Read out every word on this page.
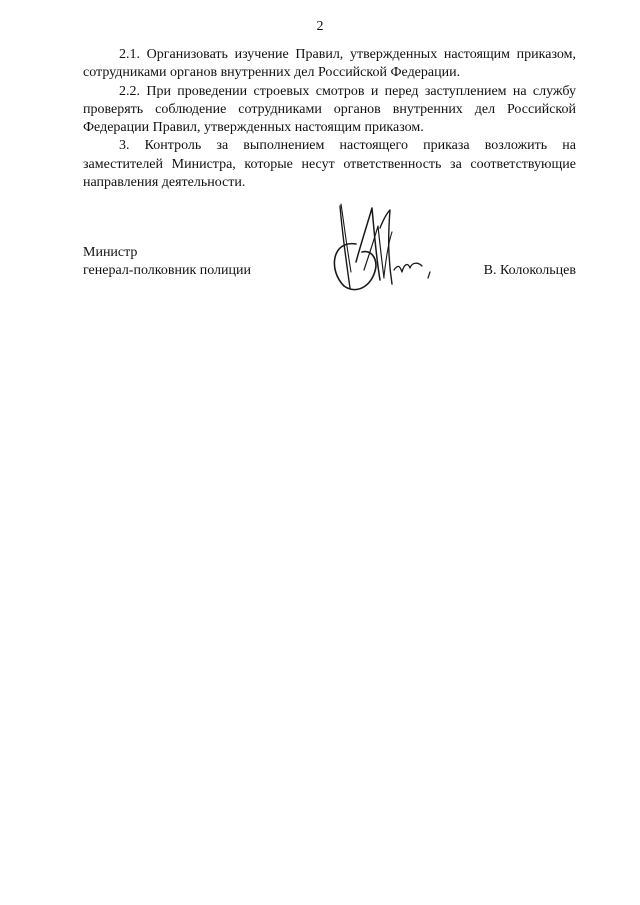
2

2.1. Организовать изучение Правил, утвержденных настоящим приказом, сотрудниками органов внутренних дел Российской Федерации.

2.2. При проведении строевых смотров и перед заступлением на службу проверять соблюдение сотрудниками органов внутренних дел Российской Федерации Правил, утвержденных настоящим приказом.

3. Контроль за выполнением настоящего приказа возложить на заместителей Министра, которые несут ответственность за соответствующие направления деятельности.

Министр
генерал-полковник полиции	В. Колокольцев
